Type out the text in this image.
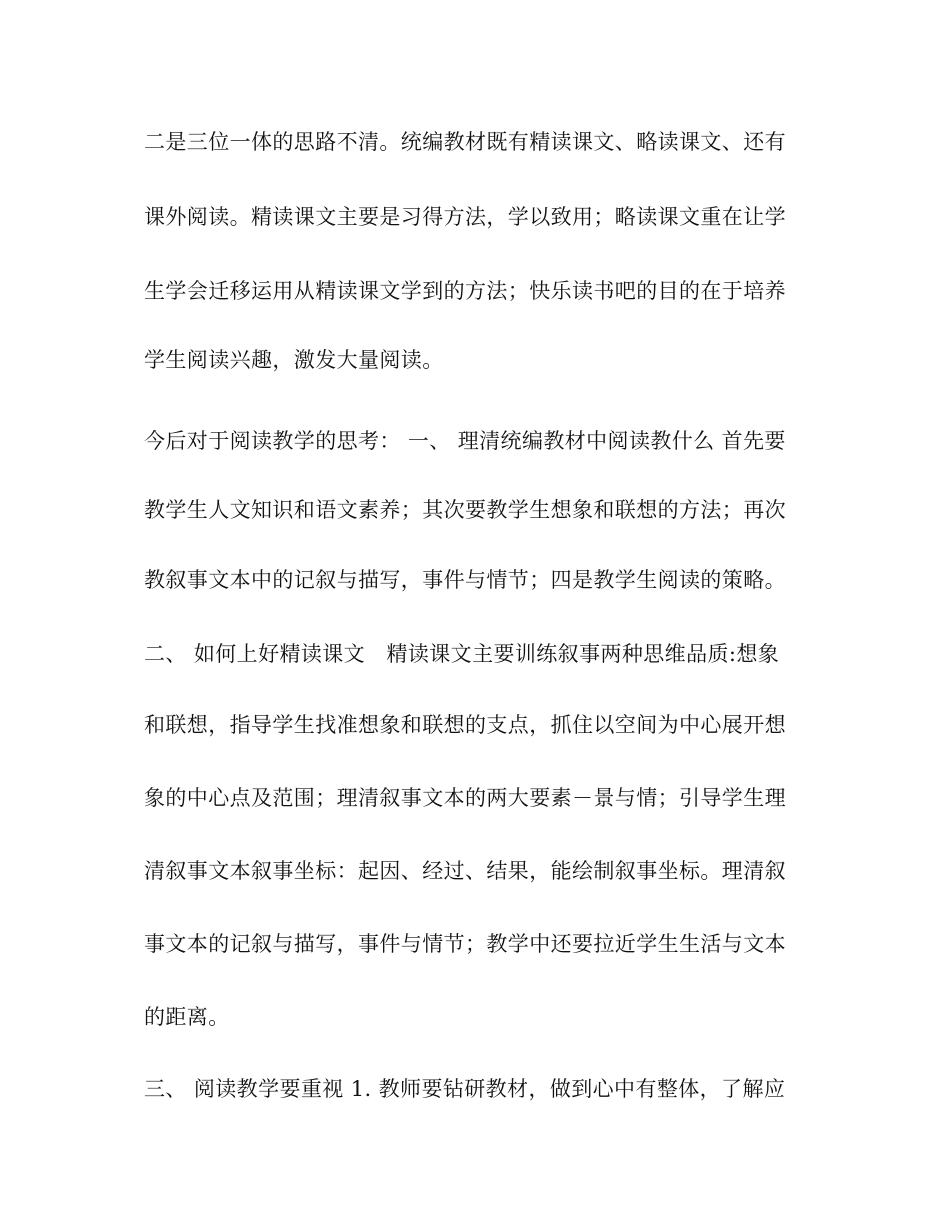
二是三位一体的思路不清。统编教材既有精读课文、略读课文、还有
课外阅读。精读课文主要是习得方法，学以致用；略读课文重在让学
生学会迁移运用从精读课文学到的方法；快乐读书吧的目的在于培养
学生阅读兴趣，激发大量阅读。
今后对于阅读教学的思考： 一、 理清统编教材中阅读教什么 首先要
教学生人文知识和语文素养；其次要教学生想象和联想的方法；再次
教叙事文本中的记叙与描写，事件与情节；四是教学生阅读的策略。
二、 如何上好精读课文　精读课文主要训练叙事两种思维品质:想象
和联想，指导学生找准想象和联想的支点，抓住以空间为中心展开想
象的中心点及范围；理清叙事文本的两大要素－景与情；引导学生理
清叙事文本叙事坐标：起因、经过、结果，能绘制叙事坐标。理清叙
事文本的记叙与描写，事件与情节；教学中还要拉近学生生活与文本
的距离。
三、 阅读教学要重视 1. 教师要钻研教材，做到心中有整体，了解应
